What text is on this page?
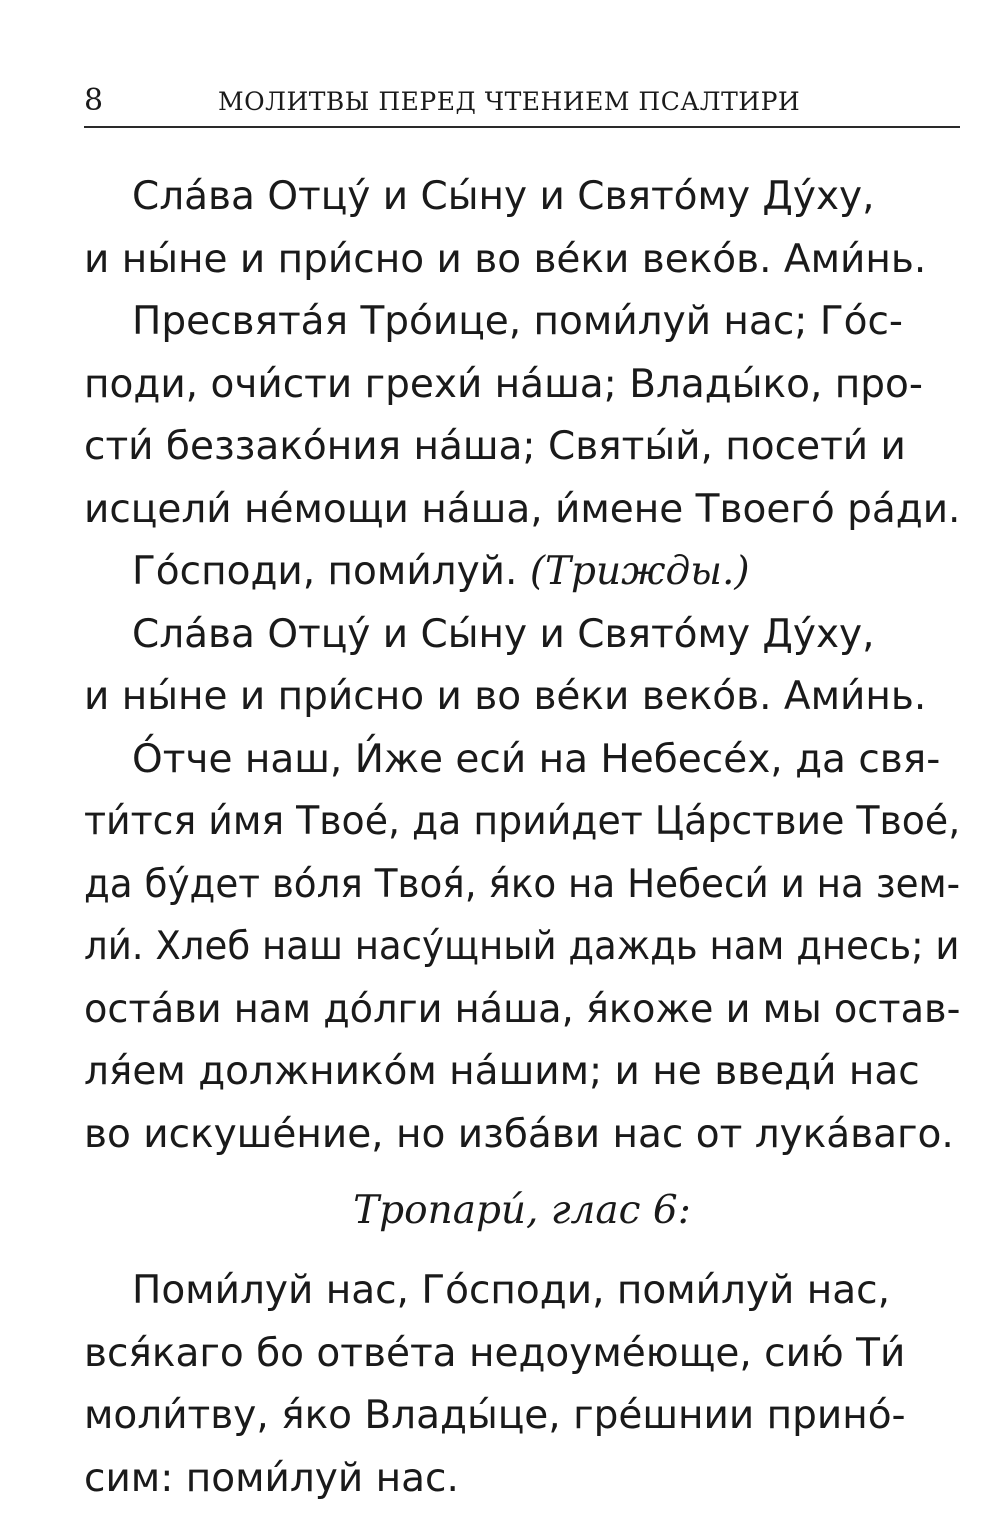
8	МОЛИТВЫ ПЕРЕД ЧТЕНИЕМ ПСАЛТИРИ
Сла́ва Отцу́ и Сы́ну и Свято́му Ду́ху,
и ны́не и при́сно и во ве́ки веко́в. Ами́нь.
Пресвята́я Тро́ице, поми́луй нас; Го́с-
поди, очи́сти грехи́ на́ша; Влады́ко, про-
сти́ беззако́ния на́ша; Святы́й, посети́ и
исцели́ не́мощи на́ша, и́мене Твоего́ ра́ди.
Го́споди, поми́луй. (Трижды.)
Сла́ва Отцу́ и Сы́ну и Свято́му Ду́ху,
и ны́не и при́сно и во ве́ки веко́в. Ами́нь.
О́тче наш, И́же еси́ на Небесе́х, да свя-
ти́тся и́мя Твое́, да прии́дет Ца́рствие Твое́,
да бу́дет во́ля Твоя́, я́ко на Небеси́ и на зем-
ли́. Хлеб наш насу́щный даждь нам днесь; и
оста́ви нам до́лги на́ша, я́коже и мы остав-
ля́ем должнико́м на́шим; и не введи́ нас
во искуше́ние, но изба́ви нас от лука́ваго.
Тропари́, глас 6:
Поми́луй нас, Го́споди, поми́луй нас,
вся́каго бо отве́та недоуме́юще, сию́ Ти́
моли́тву, я́ко Влады́це, гре́шнии прино́-
сим: поми́луй нас.
